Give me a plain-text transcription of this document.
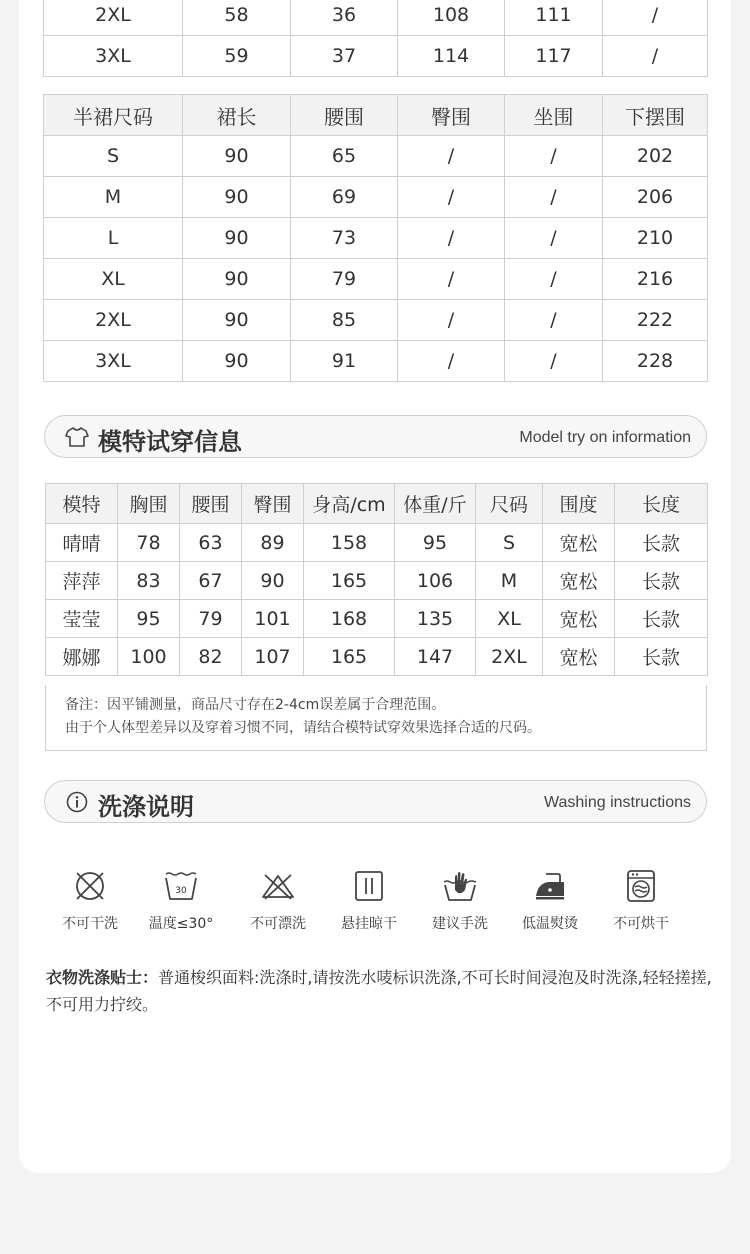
2XL	58	36	108	111	/
3XL	59	37	114	117	/
半裙尺码	裙长	腰围	臀围	坐围	下摆围
S	90	65	/	/	202
M	90	69	/	/	206
L	90	73	/	/	210
XL	90	79	/	/	216
2XL	90	85	/	/	222
3XL	90	91	/	/	228
模特试穿信息	Model try on information
模特	胸围	腰围	臀围	身高/cm	体重/斤	尺码	围度	长度
晴晴	78	63	89	158	95	S	宽松	长款
萍萍	83	67	90	165	106	M	宽松	长款
莹莹	95	79	101	168	135	XL	宽松	长款
娜娜	100	82	107	165	147	2XL	宽松	长款
备注：因平铺测量，商品尺寸存在2-4cm误差属于合理范围。
由于个人体型差异以及穿着习惯不同，请结合模特试穿效果选择合适的尺码。
洗涤说明	Washing instructions
不可干洗
30
温度≤30°	不可漂洗	悬挂晾干	建议手洗	低温熨烫	不可烘干
衣物洗涤贴士：普通梭织面料:洗涤时,请按洗水唛标识洗涤,不可长时间浸泡及时洗涤,轻轻搓搓,不可用力拧绞。
